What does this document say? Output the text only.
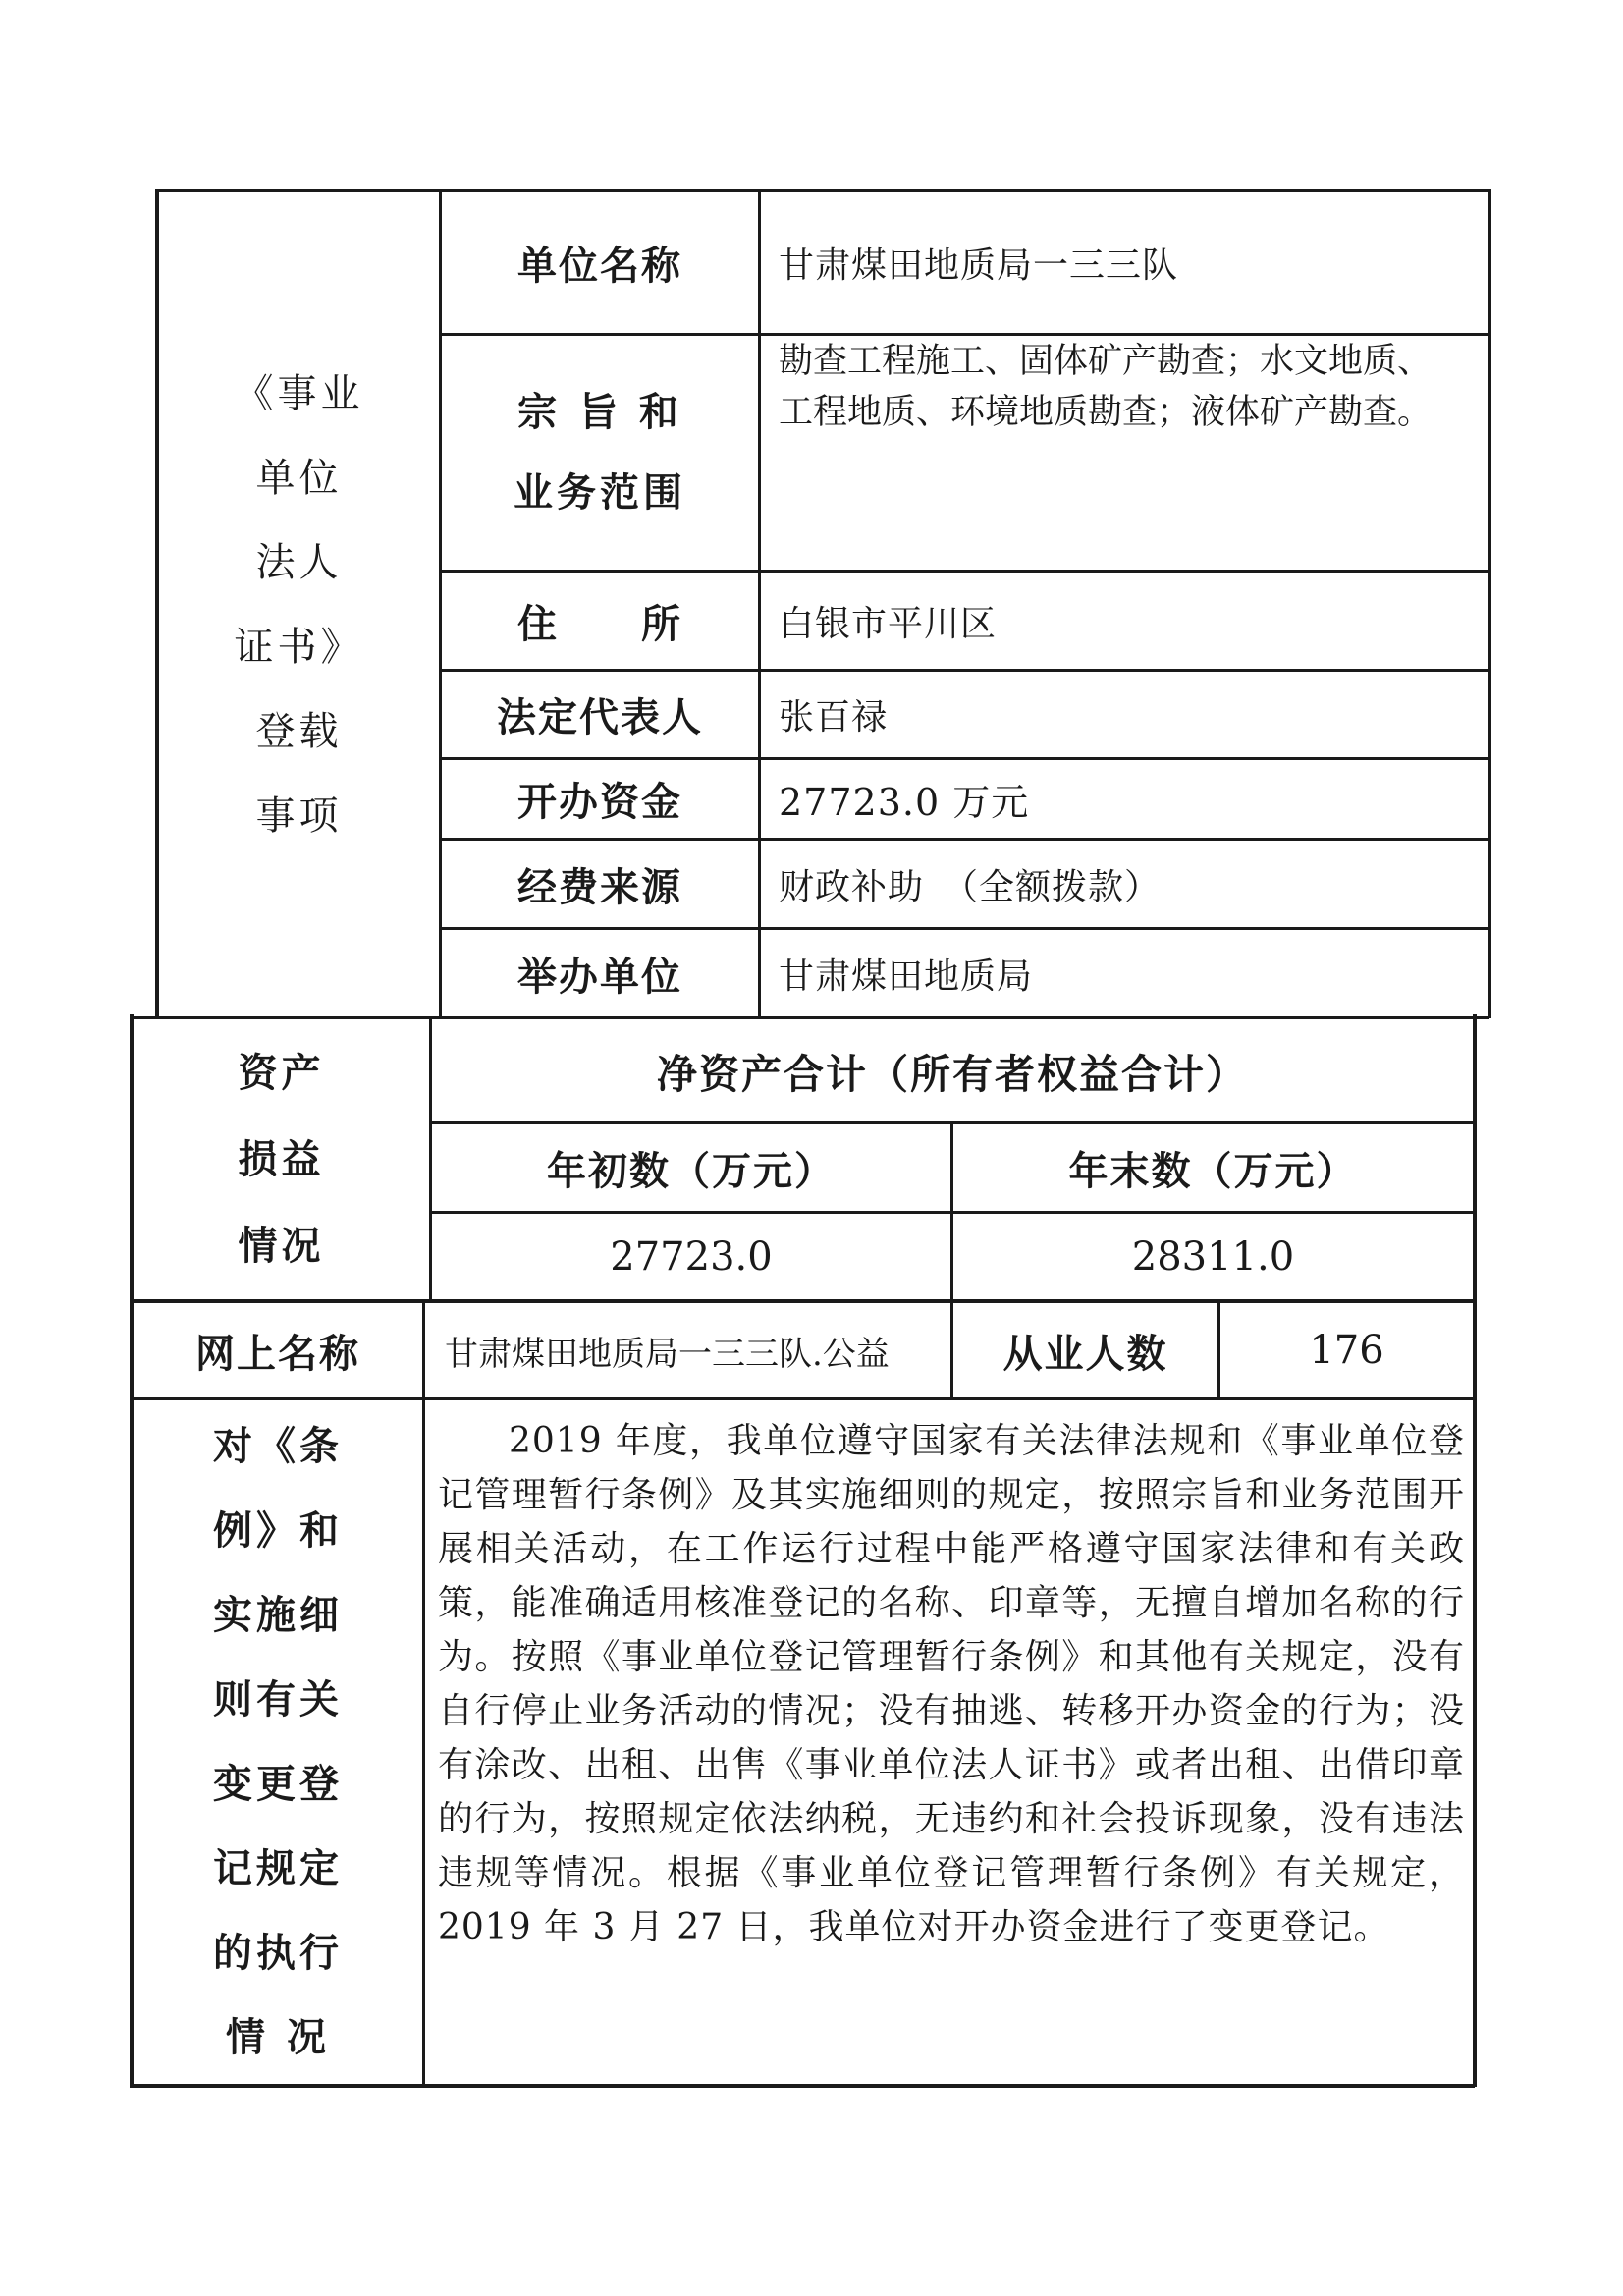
《事业
单位
法人
证书》
登载
事项
单位名称	甘肃煤田地质局一三三队
宗 旨 和
业务范围
勘查工程施工、固体矿产勘查；水文地质、
工程地质、环境地质勘查；液体矿产勘查。
住　　所	白银市平川区
法定代表人	张百禄
开办资金	27723.0 万元
经费来源	财政补助　（全额拨款）
举办单位	甘肃煤田地质局
资产
损益
情况
净资产合计（所有者权益合计）
年初数（万元）	年末数（万元）
27723.0	28311.0
网上名称	甘肃煤田地质局一三三队.公益	从业人数	176
对《条
例》和
实施细
则有关
变更登
记规定
的执行
情 况
2019 年度，我单位遵守国家有关法律法规和《事业单位登记管理暂行条例》及其实施细则的规定，按照宗旨和业务范围开展相关活动，在工作运行过程中能严格遵守国家法律和有关政策，能准确适用核准登记的名称、印章等，无擅自增加名称的行为。按照《事业单位登记管理暂行条例》和其他有关规定，没有自行停止业务活动的情况；没有抽逃、转移开办资金的行为；没有涂改、出租、出售《事业单位法人证书》或者出租、出借印章的行为，按照规定依法纳税，无违约和社会投诉现象，没有违法违规等情况。根据《事业单位登记管理暂行条例》有关规定，2019 年 3 月 27 日，我单位对开办资金进行了变更登记。
